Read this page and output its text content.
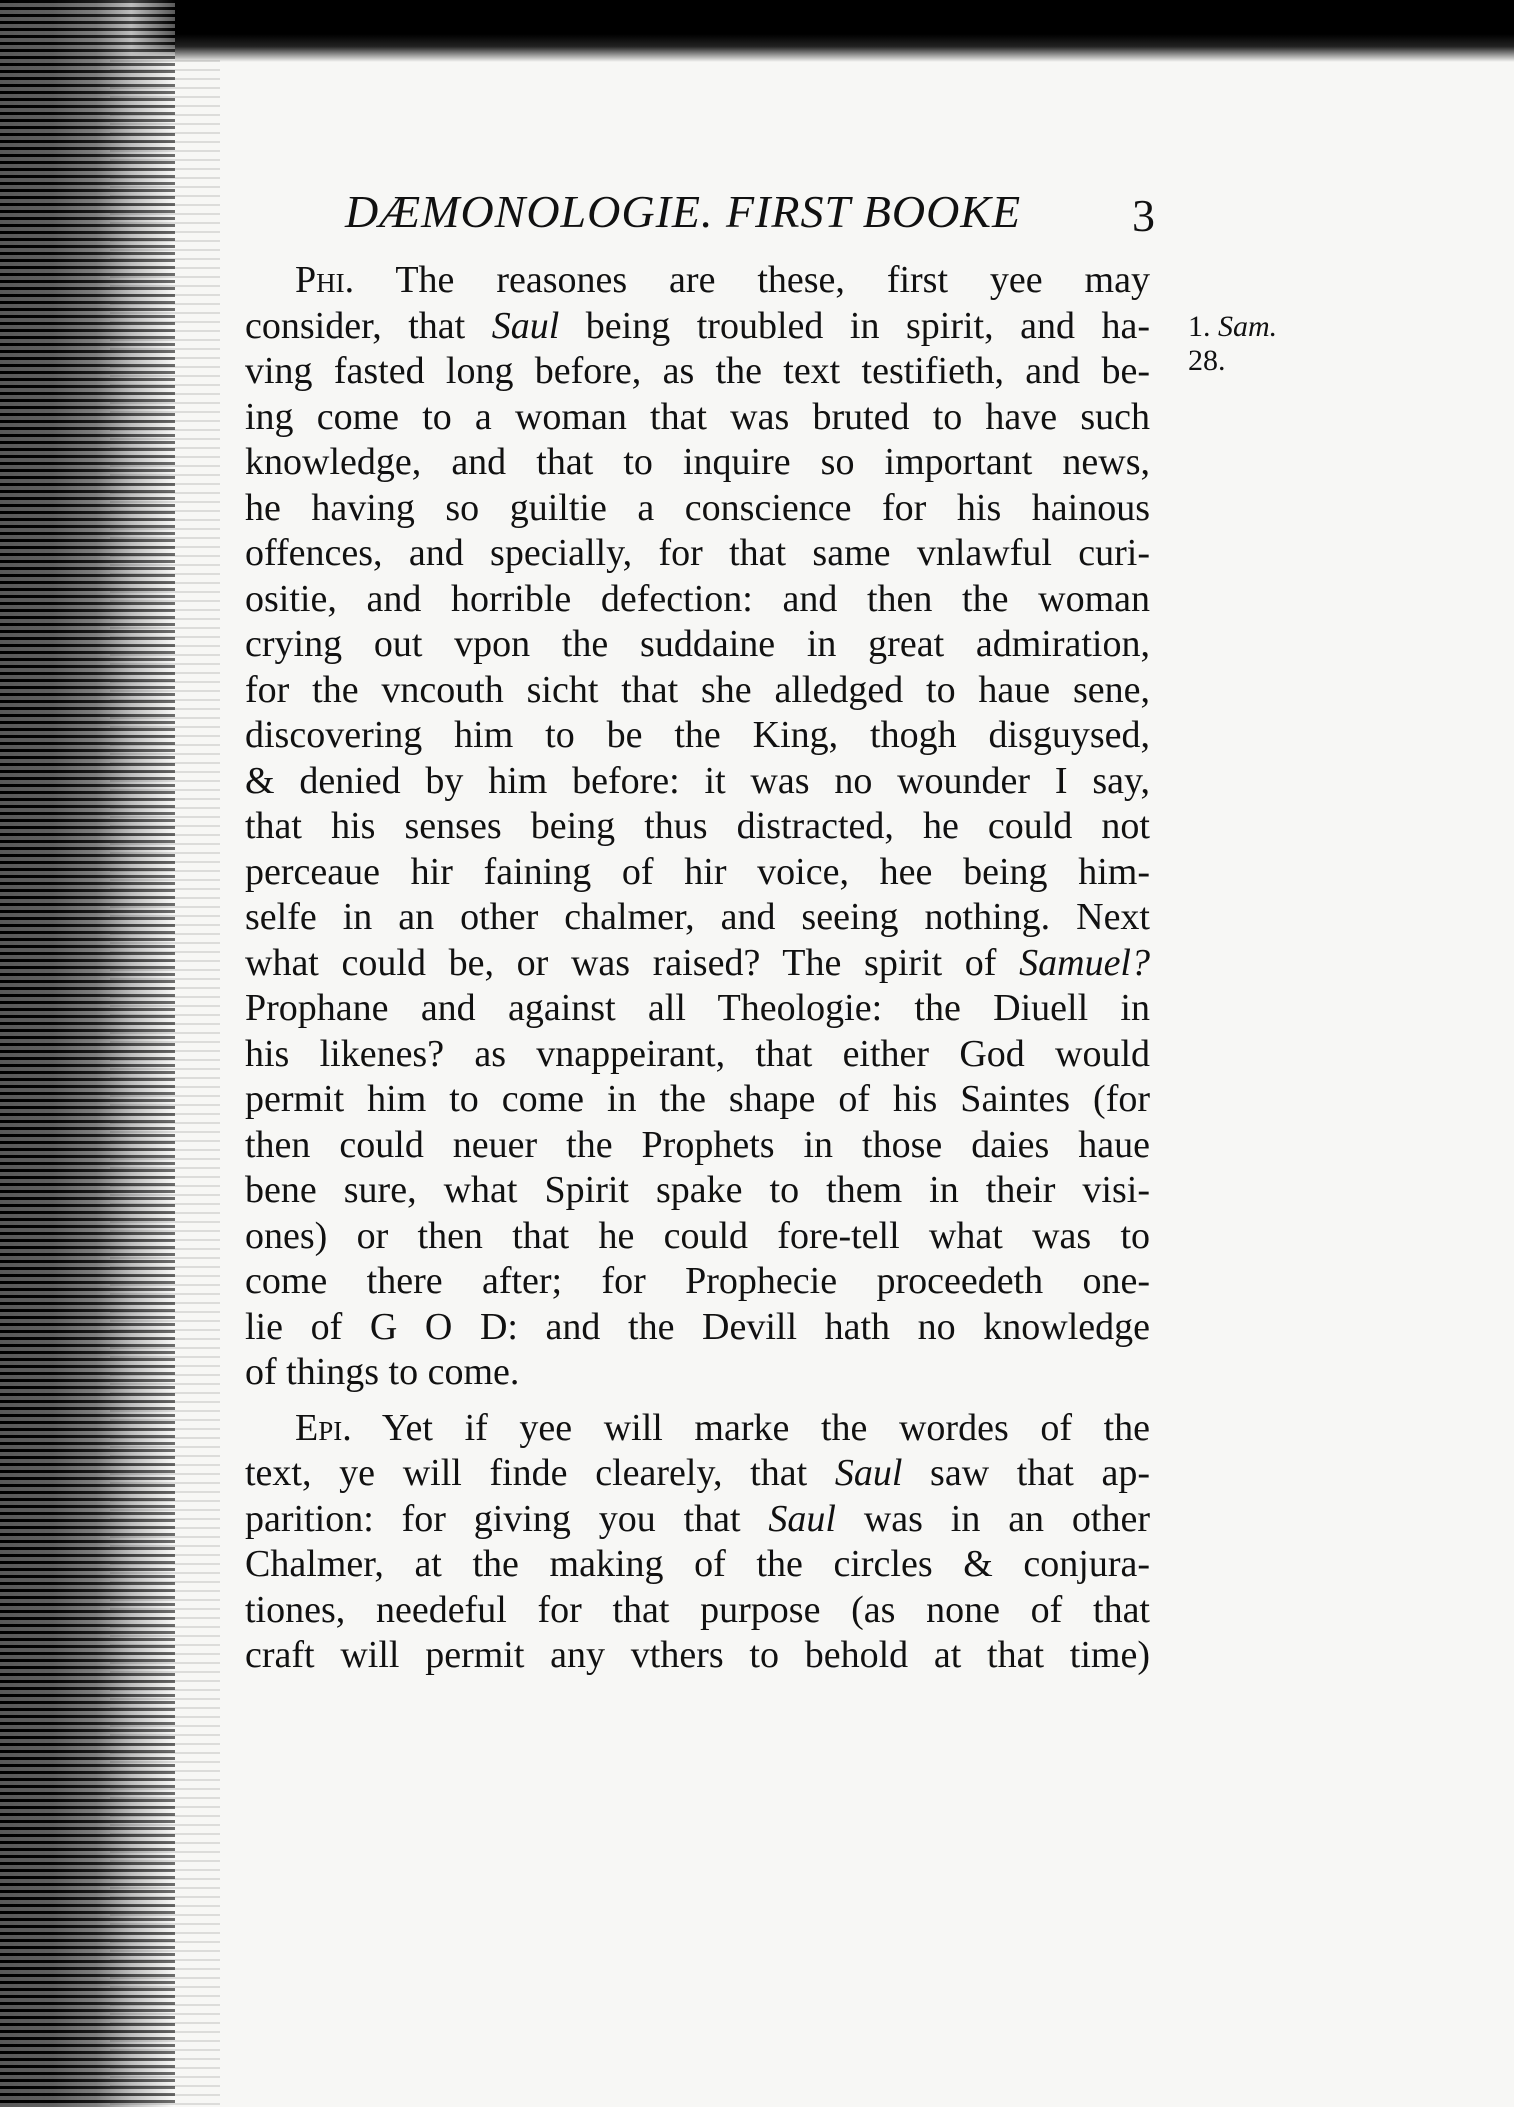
DÆMONOLOGIE. FIRST BOOKE 3
1. Sam.
28.
Phi. The reasones are these, first yee may
consider, that Saul being troubled in spirit, and ha-
ving fasted long before, as the text testifieth, and be-
ing come to a woman that was bruted to have such
knowledge, and that to inquire so important news,
he having so guiltie a conscience for his hainous
offences, and specially, for that same vnlawful curi-
ositie, and horrible defection: and then the woman
crying out vpon the suddaine in great admiration,
for the vncouth sicht that she alledged to haue sene,
discovering him to be the King, thogh disguysed,
& denied by him before: it was no wounder I say,
that his senses being thus distracted, he could not
perceaue hir faining of hir voice, hee being him-
selfe in an other chalmer, and seeing nothing. Next
what could be, or was raised? The spirit of Samuel?
Prophane and against all Theologie: the Diuell in
his likenes? as vnappeirant, that either God would
permit him to come in the shape of his Saintes (for
then could neuer the Prophets in those daies haue
bene sure, what Spirit spake to them in their visi-
ones) or then that he could fore-tell what was to
come there after; for Prophecie proceedeth one-
lie of G O D: and the Devill hath no knowledge
of things to come.
Epi. Yet if yee will marke the wordes of the
text, ye will finde clearely, that Saul saw that ap-
parition: for giving you that Saul was in an other
Chalmer, at the making of the circles & conjura-
tiones, needeful for that purpose (as none of that
craft will permit any vthers to behold at that time)
